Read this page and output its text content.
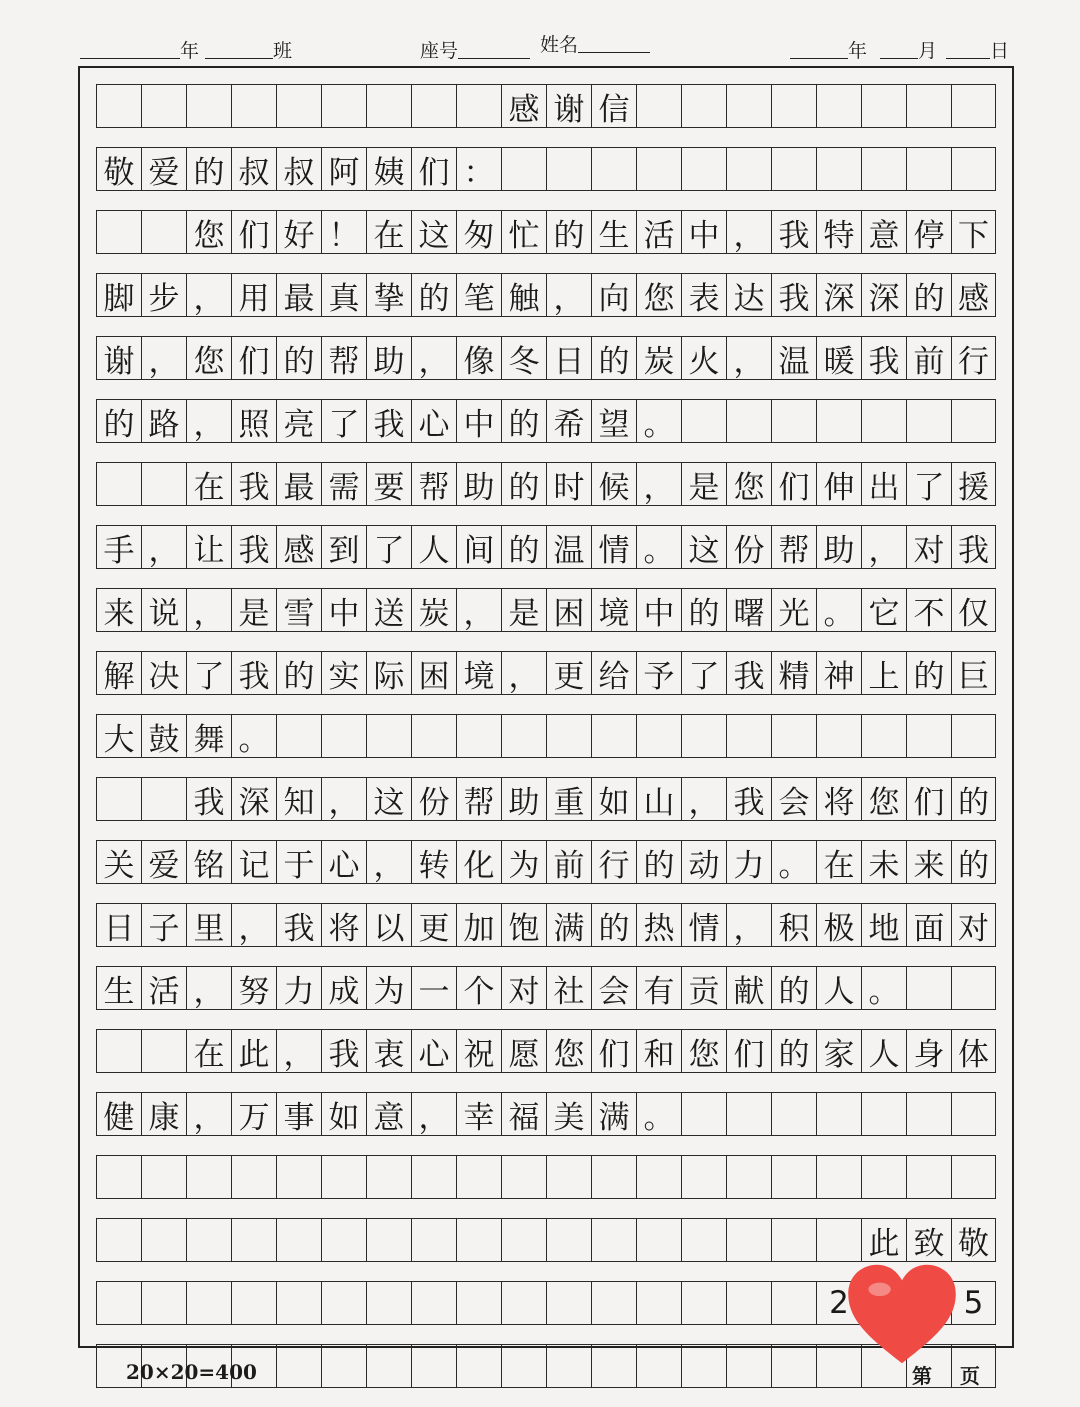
年	班	座号	姓名	年	月	日
感 谢 信
敬 爱 的 叔 叔 阿 姨 们 ：
您 们 好 ！ 在 这 匆 忙 的 生 活 中 ， 我 特 意 停 下
脚 步 ， 用 最 真 挚 的 笔 触 ， 向 您 表 达 我 深 深 的 感
谢 ， 您 们 的 帮 助 ， 像 冬 日 的 炭 火 ， 温 暖 我 前 行
的 路 ， 照 亮 了 我 心 中 的 希 望 。
在 我 最 需 要 帮 助 的 时 候 ， 是 您 们 伸 出 了 援
手 ， 让 我 感 到 了 人 间 的 温 情 。 这 份 帮 助 ， 对 我
来 说 ， 是 雪 中 送 炭 ， 是 困 境 中 的 曙 光 。 它 不 仅
解 决 了 我 的 实 际 困 境 ， 更 给 予 了 我 精 神 上 的 巨
大 鼓 舞 。
我 深 知 ， 这 份 帮 助 重 如 山 ， 我 会 将 您 们 的
关 爱 铭 记 于 心 ， 转 化 为 前 行 的 动 力 。 在 未 来 的
日 子 里 ， 我 将 以 更 加 饱 满 的 热 情 ， 积 极 地 面 对
生 活 ， 努 力 成 为 一 个 对 社 会 有 贡 献 的 人 。
在 此 ， 我 衷 心 祝 愿 您 们 和 您 们 的 家 人 身 体
健 康 ， 万 事 如 意 ， 幸 福 美 满 。
此 致 敬
2	5
20×20=400	第    页
